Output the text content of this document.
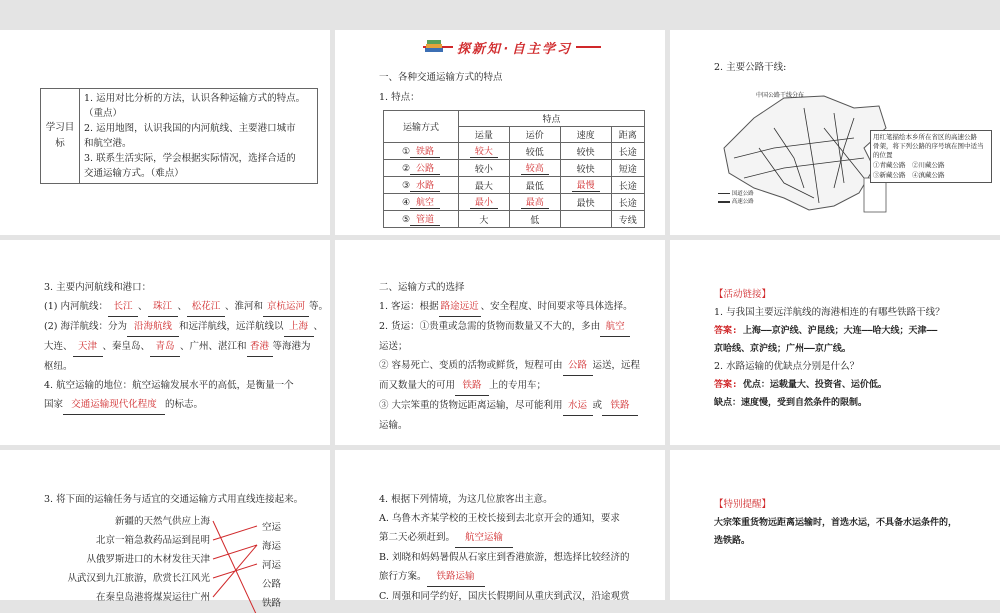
学习目标	
1. 运用对比分析的方法，认识各种运输方式的特点。
（重点）
2. 运用地图，认识我国的内河航线、主要港口城市
和航空港。
3. 联系生活实际，学会根据实际情况，选择合适的
交通运输方式。（难点）
探新知·自主学习

一、各种交通运输方式的特点

1. 特点：

运输方式	特点			
	运量	运价	速度	距离
① 铁路	较大	较低	较快	长途
② 公路	较小	较高	较快	短途
③ 水路	最大	最低	最慢	长途
④ 航空	最小	最高	最快	长途
⑤ 管道	大	低		专线

2. 主要公路干线:

中国公路干线分布
用红笔描绘本乡所在省区的高速公路
骨架，将下列公路的序号填在图中适当
的位置
①青藏公路　 ②川藏公路
③新藏公路　 ④滇藏公路
国道公路
高速公路

3. 主要内河航线和港口：

(1) 内河航线： 长江 、 珠江 、 松花江 、淮河和 京杭运河 等。

(2) 海洋航线：分为 沿海航线 和远洋航线，远洋航线以 上海 、

大连、 天津 、秦皇岛、 青岛 、广州、湛江和 香港 等海港为

枢纽。

4. 航空运输的地位：航空运输发展水平的高低，是衡量一个

国家 交通运输现代化程度 的标志。

二、运输方式的选择

1. 客运：根据 路途远近 、安全程度、时间要求等具体选择。

2. 货运：①贵重或急需的货物而数量又不大的，多由 航空

运送；

② 容易死亡、变质的活物或鲜货，短程可由 公路 运送，远程

而又数量大的可用 铁路 上的专用车；

③ 大宗笨重的货物远距离运输，尽可能利用 水运 或 铁路

运输。

【活动链接】

1. 与我国主要远洋航线的海港相连的有哪些铁路干线？

答案: 上海——京沪线、沪昆线；大连——哈大线；天津——

京哈线、京沪线；广州——京广线。

2. 水路运输的优缺点分别是什么？

答案: 优点：运载量大、投资省、运价低。

缺点：速度慢，受到自然条件的限制。

3. 将下面的运输任务与适宜的交通运输方式用直线连接起来。

新疆的天然气供应上海

北京一箱急救药品运到昆明

从俄罗斯进口的木材发往天津

从武汉到九江旅游，欣赏长江风光

在秦皇岛港将煤炭运往广州

空运

海运

河运

公路

铁路

4. 根据下列情境，为这几位旅客出主意。

A. 乌鲁木齐某学校的王校长接到去北京开会的通知，要求

第二天必须赶到。 航空运输

B. 刘晓和妈妈暑假从石家庄到香港旅游，想选择比较经济的

旅行方案。 铁路运输

C. 周强和同学约好，国庆长假期间从重庆到武汉，沿途观赏

【特别提醒】

大宗笨重货物远距离运输时，首选水运，不具备水运条件的，

选铁路。
